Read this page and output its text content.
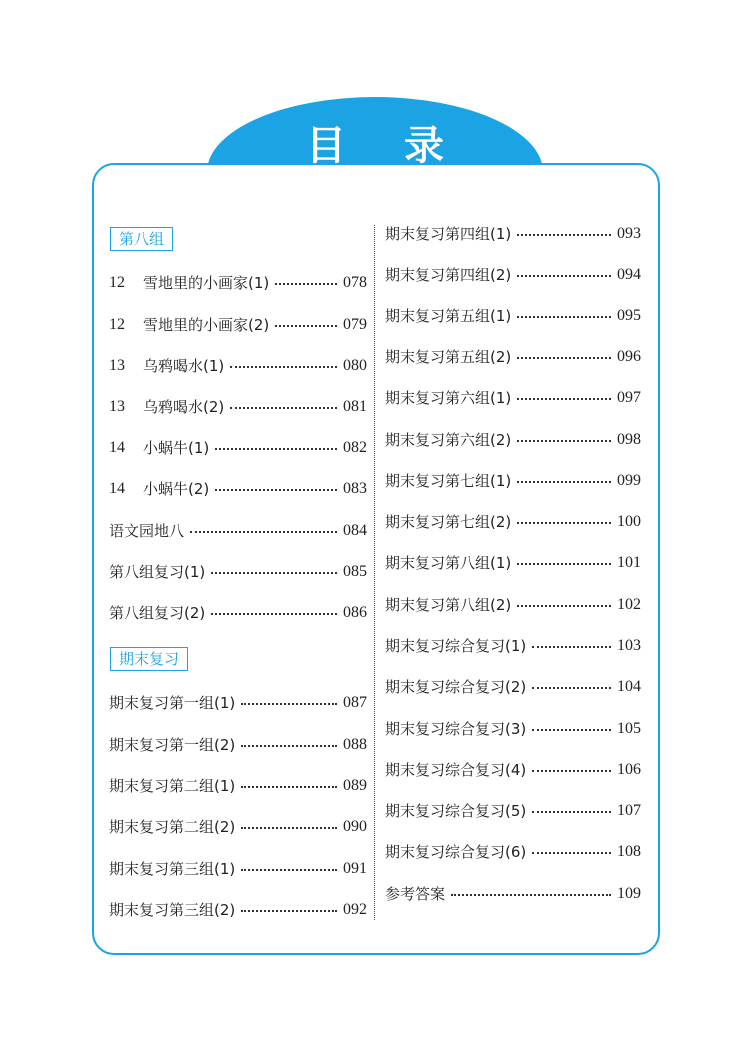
目 录
第八组
期末复习
12	雪地里的小画家(1)	078
12	雪地里的小画家(2)	079
13	乌鸦喝水(1)	080
13	乌鸦喝水(2)	081
14	小蜗牛(1)	082
14	小蜗牛(2)	083
语文园地八	084
第八组复习(1)	085
第八组复习(2)	086
期末复习第一组(1)	087
期末复习第一组(2)	088
期末复习第二组(1)	089
期末复习第二组(2)	090
期末复习第三组(1)	091
期末复习第三组(2)	092
期末复习第四组(1)	093
期末复习第四组(2)	094
期末复习第五组(1)	095
期末复习第五组(2)	096
期末复习第六组(1)	097
期末复习第六组(2)	098
期末复习第七组(1)	099
期末复习第七组(2)	100
期末复习第八组(1)	101
期末复习第八组(2)	102
期末复习综合复习(1)	103
期末复习综合复习(2)	104
期末复习综合复习(3)	105
期末复习综合复习(4)	106
期末复习综合复习(5)	107
期末复习综合复习(6)	108
参考答案	109
